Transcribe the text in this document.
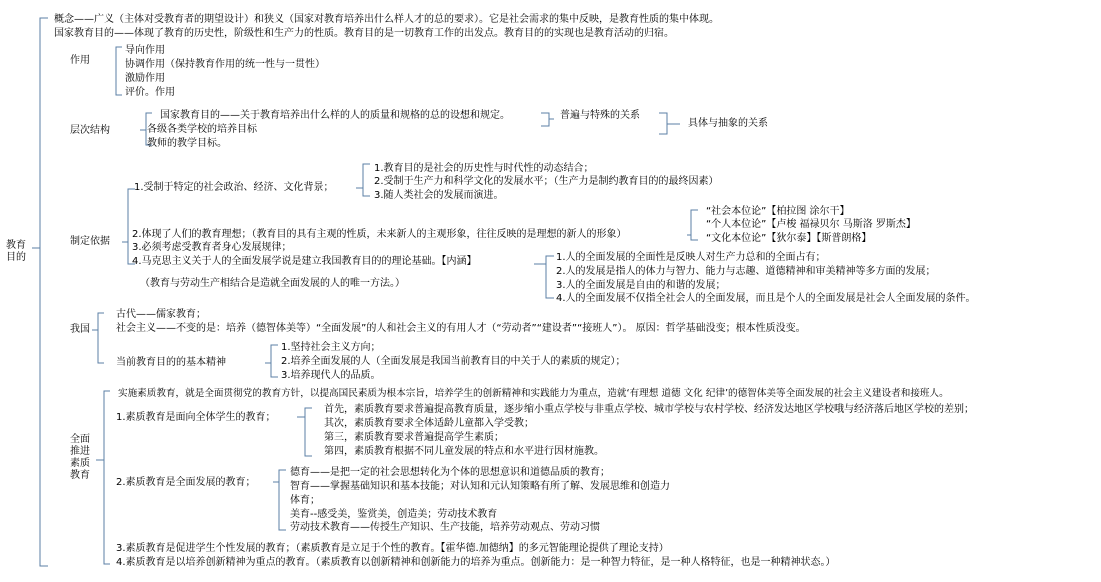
教育
目的
概念——广义（主体对受教育者的期望设计）和狭义（国家对教育培养出什么样人才的总的要求）。它是社会需求的集中反映，是教育性质的集中体现。
国家教育目的——体现了教育的历史性，阶级性和生产力的性质。教育目的是一切教育工作的出发点。教育目的的实现也是教育活动的归宿。
作用
导向作用
协调作用（保持教育作用的统一性与一贯性）
激励作用
评价。作用
层次结构
国家教育目的——关于教育培养出什么样的人的质量和规格的总的设想和规定。
各级各类学校的培养目标
教师的教学目标。
普遍与特殊的关系
具体与抽象的关系
制定依据
1.受制于特定的社会政治、经济、文化背景；
1.教育目的是社会的历史性与时代性的动态结合；
2.受制于生产力和科学文化的发展水平；（生产力是制约教育目的的最终因素）
3.随人类社会的发展而演进。
2.体现了人们的教育理想；（教育目的具有主观的性质，未来新人的主观形象，往往反映的是理想的新人的形象）
“社会本位论”【柏拉图 涂尔干】
“个人本位论”【卢梭 福禄贝尔 马斯洛 罗斯杰】
“文化本位论”【狄尔泰】【斯普朗格】
3.必须考虑受教育者身心发展规律；
4.马克思主义关于人的全面发展学说是建立我国教育目的的理论基础。【内涵】	1.人的全面发展的全面性是反映人对生产力总和的全面占有；
2.人的发展是指人的体力与智力、能力与志趣、道德精神和审美精神等多方面的发展；
3.人的全面发展是自由的和谐的发展；
4.人的全面发展不仅指全社会人的全面发展，而且是个人的全面发展是社会人全面发展的条件。
（教育与劳动生产相结合是造就全面发展的人的唯一方法。）
我国
古代——儒家教育；
社会主义——不变的是：培养（德智体美等）“全面发展”的人和社会主义的有用人才（“劳动者”“建设者”“接班人”）。 原因：哲学基础没变；根本性质没变。
当前教育目的的基本精神
1.坚持社会主义方向；
2.培养全面发展的人（全面发展是我国当前教育目的中关于人的素质的规定）；
3.培养现代人的品质。
全面
推进
素质
教育
实施素质教育，就是全面贯彻党的教育方针，以提高国民素质为根本宗旨，培养学生的创新精神和实践能力为重点，造就‘有理想 道德 文化 纪律’的德智体美等全面发展的社会主义建设者和接班人。
1.素质教育是面向全体学生的教育；
首先，素质教育要求普遍提高教育质量，逐步缩小重点学校与非重点学校、城市学校与农村学校、经济发达地区学校哦与经济落后地区学校的差别；
其次，素质教育要求全体适龄儿童都入学受教；
第三，素质教育要求普遍提高学生素质；
第四，素质教育根据不同儿童发展的特点和水平进行因材施教。
2.素质教育是全面发展的教育；
德育——是把一定的社会思想转化为个体的思想意识和道德品质的教育；
智育——掌握基础知识和基本技能；对认知和元认知策略有所了解、发展思维和创造力
体育；
美育--感受美，鉴赏美，创造美；劳动技术教育
劳动技术教育——传授生产知识、生产技能，培养劳动观点、劳动习惯
3.素质教育是促进学生个性发展的教育；（素质教育是立足于个性的教育。【霍华德.加德纳】的多元智能理论提供了理论支持）
4.素质教育是以培养创新精神为重点的教育。（素质教育以创新精神和创新能力的培养为重点。创新能力：是一种智力特征，是一种人格特征，也是一种精神状态。）
